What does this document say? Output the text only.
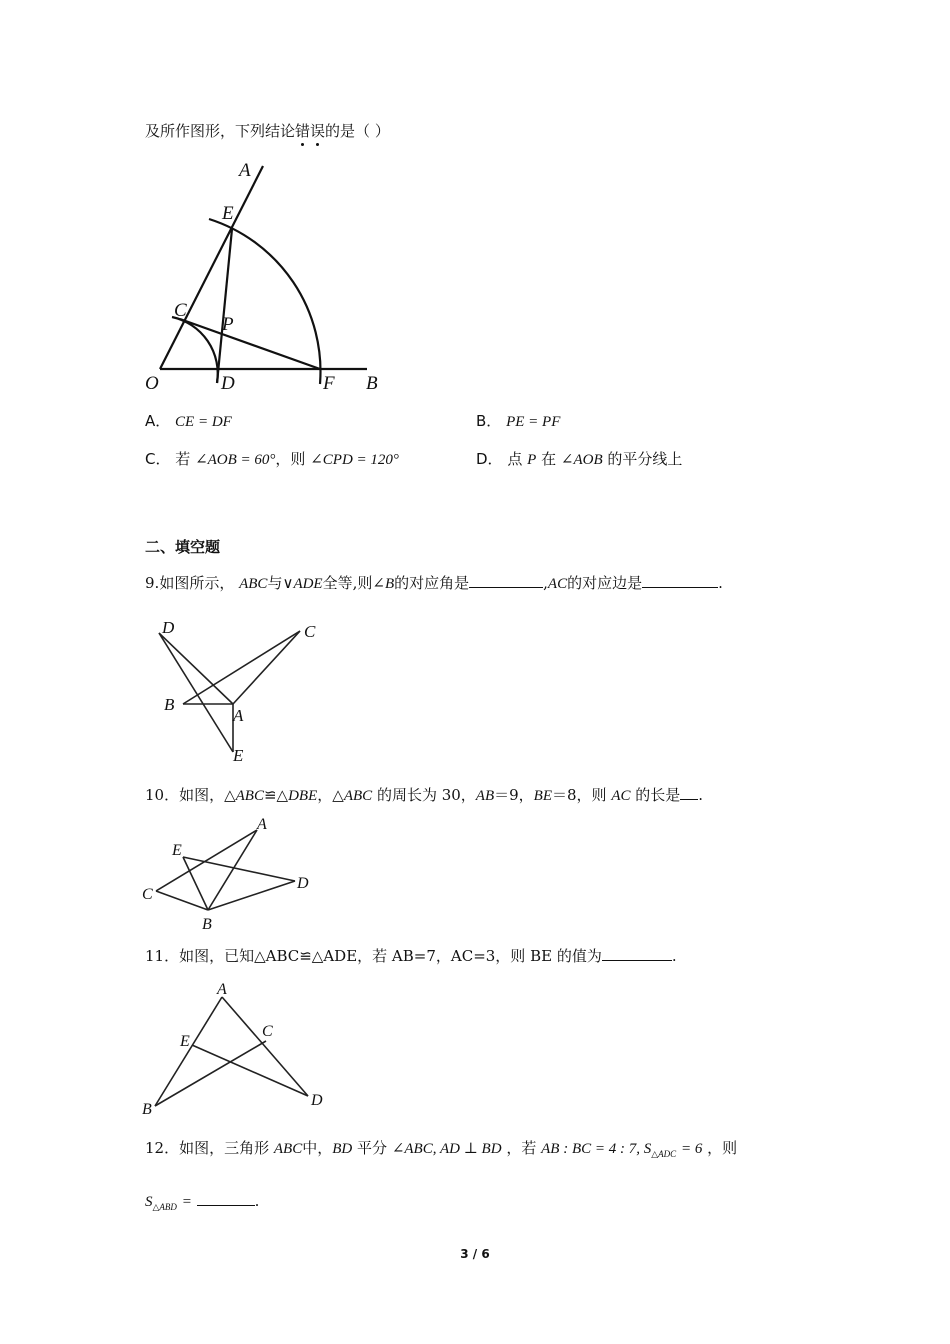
及所作图形，下列结论错误的是（ ）
A
E
C
P
O	D	F B
A． CE = DF	B． PE = PF
C． 若 ∠AOB = 60°，则 ∠CPD = 120°	D． 点 P 在 ∠AOB 的平分线上
二、填空题
9.如图所示， ABC与∨ADE全等,则∠B的对应角是	,AC的对应边是	.
D	C
B
A
E
10．如图，△ABC≌△DBE，△ABC 的周长为 30，AB＝9，BE＝8，则 AC 的长是 .
A
E
C
D
B
11．如图，已知△ABC≌△ADE，若 AB=7，AC=3，则 BE 的值为	.
A
E
C
B
D
12．如图，三角形 ABC中，BD 平分 ∠ABC, AD ⊥ BD ，若 AB : BC = 4 : 7, $S_{\triangle ADC} = 6$ ，则
$S_{\triangle ABD}$ =	.
3 / 6
